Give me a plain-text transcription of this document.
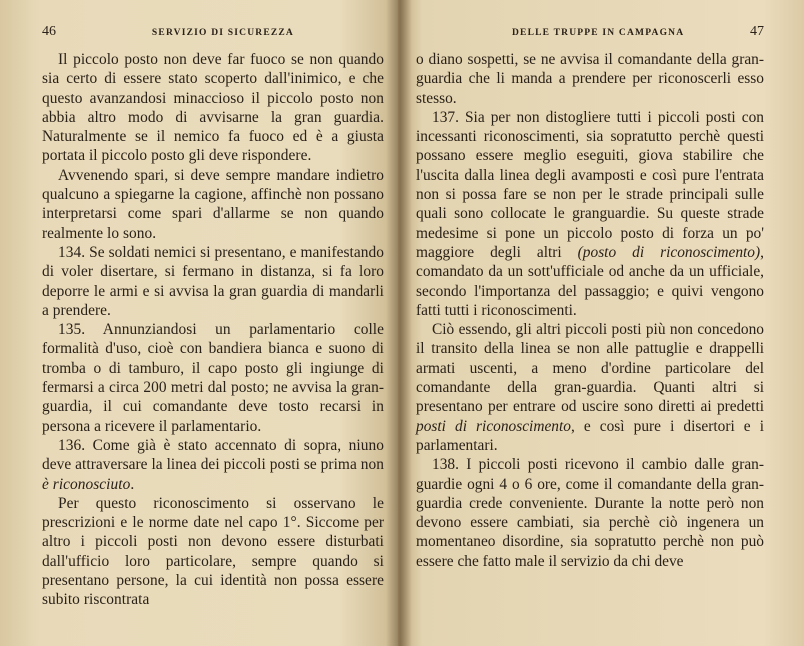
46	SERVIZIO DI SICUREZZA

Il piccolo posto non deve far fuoco se non quando sia certo di essere stato scoperto dall'inimico, e che questo avanzandosi minaccioso il piccolo posto non abbia altro modo di avvisarne la gran guardia. Naturalmente se il nemico fa fuoco ed è a giusta portata il piccolo posto gli deve rispondere.

Avvenendo spari, si deve sempre mandare indietro qualcuno a spiegarne la cagione, affinchè non possano interpretarsi come spari d'allarme se non quando realmente lo sono.

134. Se soldati nemici si presentano, e manifestando di voler disertare, si fermano in distanza, si fa loro deporre le armi e si avvisa la gran guardia di mandarli a prendere.

135. Annunziandosi un parlamentario colle formalità d'uso, cioè con bandiera bianca e suono di tromba o di tamburo, il capo posto gli ingiunge di fermarsi a circa 200 metri dal posto; ne avvisa la gran-guardia, il cui comandante deve tosto recarsi in persona a ricevere il parlamentario.

136. Come già è stato accennato di sopra, niuno deve attraversare la linea dei piccoli posti se prima non è riconosciuto.

Per questo riconoscimento si osservano le prescrizioni e le norme date nel capo 1°. Siccome per altro i piccoli posti non devono essere disturbati dall'ufficio loro particolare, sempre quando si presentano persone, la cui identità non possa essere subito riscontrata

DELLE TRUPPE IN CAMPAGNA	47

o diano sospetti, se ne avvisa il comandante della gran-guardia che li manda a prendere per riconoscerli esso stesso.

137. Sia per non distogliere tutti i piccoli posti con incessanti riconoscimenti, sia sopratutto perchè questi possano essere meglio eseguiti, giova stabilire che l'uscita dalla linea degli avamposti e così pure l'entrata non si possa fare se non per le strade principali sulle quali sono collocate le granguardie. Su queste strade medesime si pone un piccolo posto di forza un po' maggiore degli altri (posto di riconoscimento), comandato da un sott'ufficiale od anche da un ufficiale, secondo l'importanza del passaggio; e quivi vengono fatti tutti i riconoscimenti.

Ciò essendo, gli altri piccoli posti più non concedono il transito della linea se non alle pattuglie e drappelli armati uscenti, a meno d'ordine particolare del comandante della gran-guardia. Quanti altri si presentano per entrare od uscire sono diretti ai predetti posti di riconoscimento, e così pure i disertori e i parlamentari.

138. I piccoli posti ricevono il cambio dalle gran-guardie ogni 4 o 6 ore, come il comandante della gran-guardia crede conveniente. Durante la notte però non devono essere cambiati, sia perchè ciò ingenera un momentaneo disordine, sia sopratutto perchè non può essere che fatto male il servizio da chi deve
